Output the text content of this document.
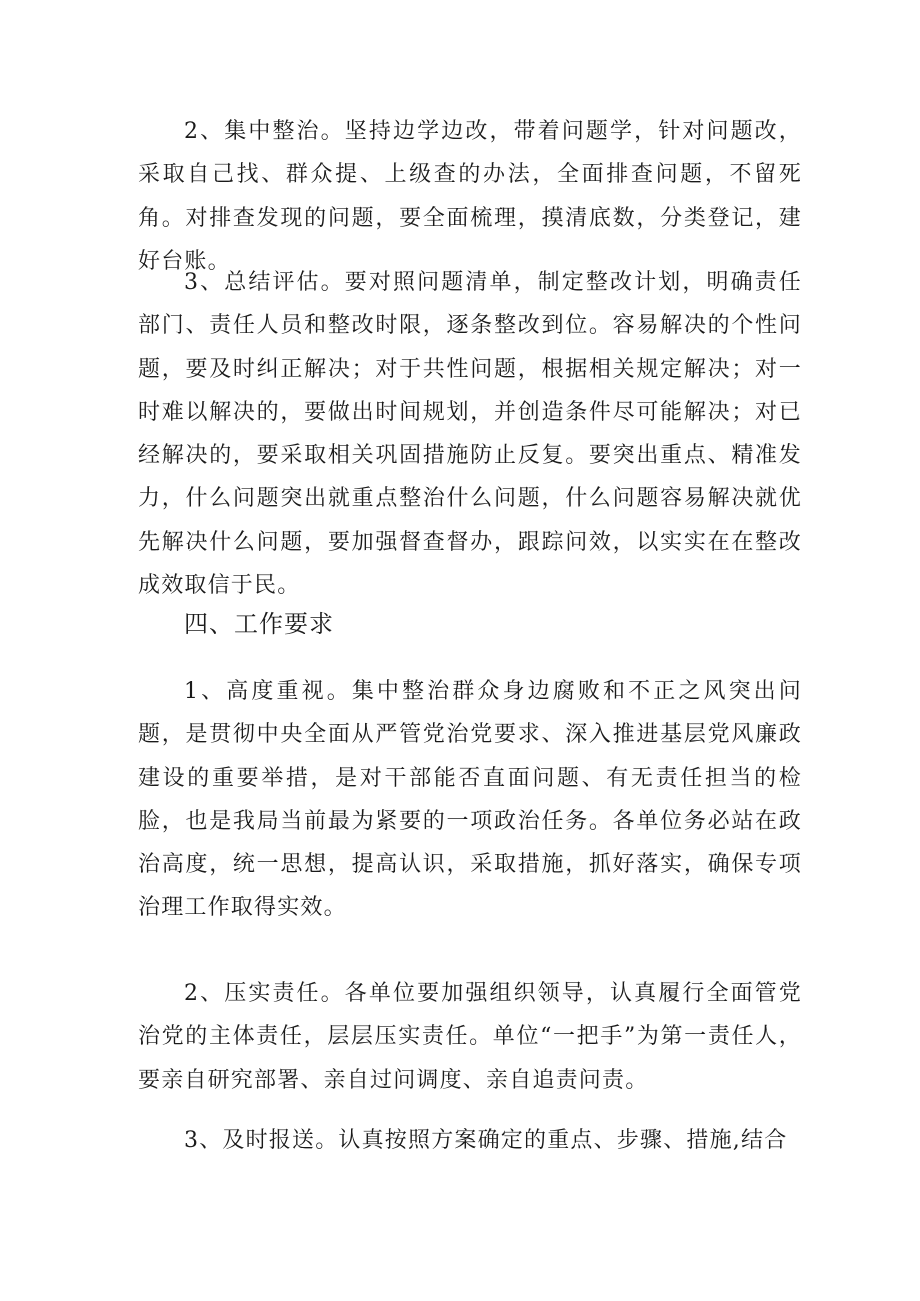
2、集中整治。坚持边学边改，带着问题学，针对问题改，采取自己找、群众提、上级查的办法，全面排查问题，不留死角。对排查发现的问题，要全面梳理，摸清底数，分类登记，建好台账。

3、总结评估。要对照问题清单，制定整改计划，明确责任部门、责任人员和整改时限，逐条整改到位。容易解决的个性问题，要及时纠正解决；对于共性问题，根据相关规定解决；对一时难以解决的，要做出时间规划，并创造条件尽可能解决；对已经解决的，要采取相关巩固措施防止反复。要突出重点、精准发力，什么问题突出就重点整治什么问题，什么问题容易解决就优先解决什么问题，要加强督查督办，跟踪问效，以实实在在整改成效取信于民。

四、工作要求

1、高度重视。集中整治群众身边腐败和不正之风突出问题，是贯彻中央全面从严管党治党要求、深入推进基层党风廉政建设的重要举措，是对干部能否直面问题、有无责任担当的检脸，也是我局当前最为紧要的一项政治任务。各单位务必站在政治高度，统一思想，提高认识，采取措施，抓好落实，确保专项治理工作取得实效。

2、压实责任。各单位要加强组织领导，认真履行全面管党治党的主体责任，层层压实责任。单位“一把手”为第一责任人，要亲自研究部署、亲自过问调度、亲自追责问责。

3、及时报送。认真按照方案确定的重点、步骤、措施,结合
